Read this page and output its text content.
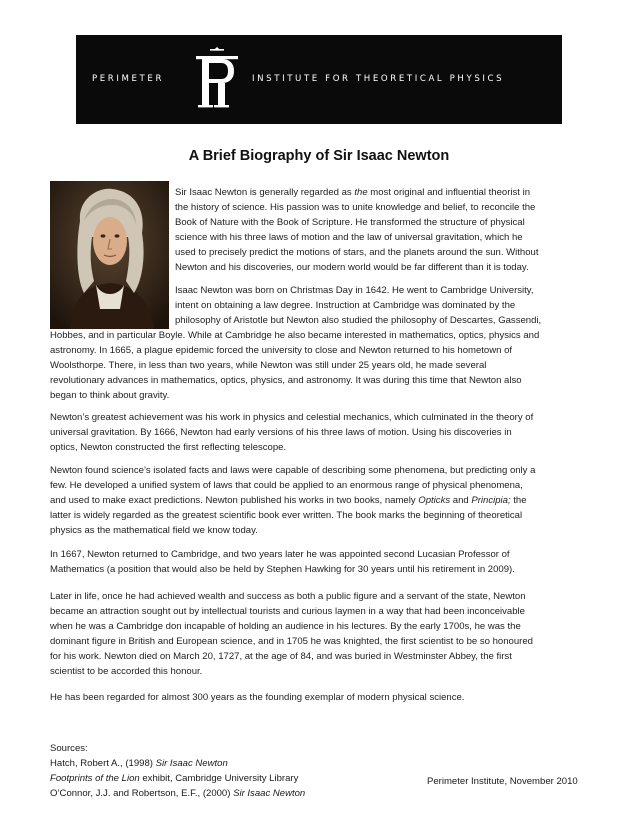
PERIMETER	INSTITUTE FOR THEORETICAL PHYSICS
A Brief Biography of Sir Isaac Newton
Sir Isaac Newton is generally regarded as the most original and influential theorist in
the history of science. His passion was to unite knowledge and belief, to reconcile the
Book of Nature with the Book of Scripture. He transformed the structure of physical
science with his three laws of motion and the law of universal gravitation, which he
used to precisely predict the motions of stars, and the planets around the sun. Without
Newton and his discoveries, our modern world would be far different than it is today.
Isaac Newton was born on Christmas Day in 1642. He went to Cambridge University,
intent on obtaining a law degree. Instruction at Cambridge was dominated by the
philosophy of Aristotle but Newton also studied the philosophy of Descartes, Gassendi,
Hobbes, and in particular Boyle. While at Cambridge he also became interested in mathematics, optics, physics and
astronomy. In 1665, a plague epidemic forced the university to close and Newton returned to his hometown of
Woolsthorpe. There, in less than two years, while Newton was still under 25 years old, he made several
revolutionary advances in mathematics, optics, physics, and astronomy. It was during this time that Newton also
began to think about gravity.
Newton’s greatest achievement was his work in physics and celestial mechanics, which culminated in the theory of
universal gravitation. By 1666, Newton had early versions of his three laws of motion. Using his discoveries in
optics, Newton constructed the first reflecting telescope.
Newton found science’s isolated facts and laws were capable of describing some phenomena, but predicting only a
few. He developed a unified system of laws that could be applied to an enormous range of physical phenomena,
and used to make exact predictions. Newton published his works in two books, namely Opticks and Principia; the
latter is widely regarded as the greatest scientific book ever written. The book marks the beginning of theoretical
physics as the mathematical field we know today.
In 1667, Newton returned to Cambridge, and two years later he was appointed second Lucasian Professor of
Mathematics (a position that would also be held by Stephen Hawking for 30 years until his retirement in 2009).
Later in life, once he had achieved wealth and success as both a public figure and a servant of the state, Newton
became an attraction sought out by intellectual tourists and curious laymen in a way that had been inconceivable
when he was a Cambridge don incapable of holding an audience in his lectures. By the early 1700s, he was the
dominant figure in British and European science, and in 1705 he was knighted, the first scientist to be so honoured
for his work. Newton died on March 20, 1727, at the age of 84, and was buried in Westminster Abbey, the first
scientist to be accorded this honour.
He has been regarded for almost 300 years as the founding exemplar of modern physical science.
Sources:
Hatch, Robert A., (1998) Sir Isaac Newton
Footprints of the Lion exhibit, Cambridge University Library
O’Connor, J.J. and Robertson, E.F., (2000) Sir Isaac Newton
Perimeter Institute, November 2010
